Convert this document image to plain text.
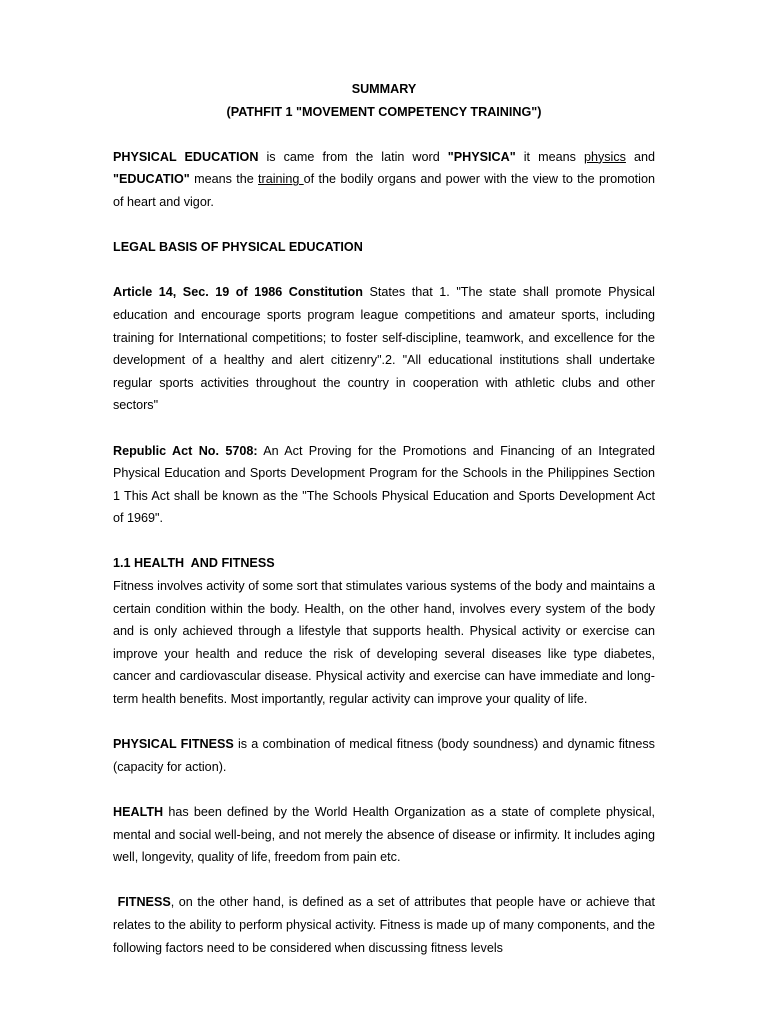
SUMMARY
(PATHFIT 1 "MOVEMENT COMPETENCY TRAINING")

PHYSICAL EDUCATION is came from the latin word "PHYSICA" it means physics and "EDUCATIO" means the training of the bodily organs and power with the view to the promotion of heart and vigor.

LEGAL BASIS OF PHYSICAL EDUCATION

Article 14, Sec. 19 of 1986 Constitution States that 1. "The state shall promote Physical education and encourage sports program league competitions and amateur sports, including training for International competitions; to foster self-discipline, teamwork, and excellence for the development of a healthy and alert citizenry".2. "All educational institutions shall undertake regular sports activities throughout the country in cooperation with athletic clubs and other sectors"

Republic Act No. 5708: An Act Proving for the Promotions and Financing of an Integrated Physical Education and Sports Development Program for the Schools in the Philippines Section 1 This Act shall be known as the "The Schools Physical Education and Sports Development Act of 1969".

1.1 HEALTH  AND FITNESS

Fitness involves activity of some sort that stimulates various systems of the body and maintains a certain condition within the body. Health, on the other hand, involves every system of the body and is only achieved through a lifestyle that supports health. Physical activity or exercise can improve your health and reduce the risk of developing several diseases like type diabetes, cancer and cardiovascular disease. Physical activity and exercise can have immediate and long-term health benefits. Most importantly, regular activity can improve your quality of life.

PHYSICAL FITNESS is a combination of medical fitness (body soundness) and dynamic fitness (capacity for action).

HEALTH has been defined by the World Health Organization as a state of complete physical, mental and social well-being, and not merely the absence of disease or infirmity. It includes aging well, longevity, quality of life, freedom from pain etc.

FITNESS, on the other hand, is defined as a set of attributes that people have or achieve that relates to the ability to perform physical activity. Fitness is made up of many components, and the following factors need to be considered when discussing fitness levels
